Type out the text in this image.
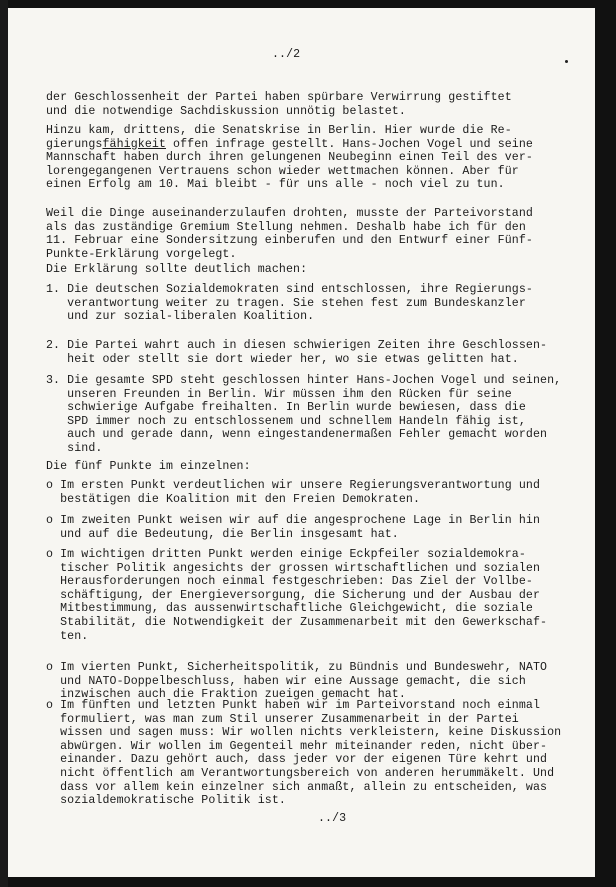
../2
der Geschlossenheit der Partei haben spürbare Verwirrung gestiftet
und die notwendige Sachdiskussion unnötig belastet.
Hinzu kam, drittens, die Senatskrise in Berlin. Hier wurde die Re-
gierungsfähigkeit offen infrage gestellt. Hans-Jochen Vogel und seine
Mannschaft haben durch ihren gelungenen Neubeginn einen Teil des ver-
lorengegangenen Vertrauens schon wieder wettmachen können. Aber für
einen Erfolg am 10. Mai bleibt - für uns alle - noch viel zu tun.
Weil die Dinge auseinanderzulaufen drohten, musste der Parteivorstand
als das zuständige Gremium Stellung nehmen. Deshalb habe ich für den
11. Februar eine Sondersitzung einberufen und den Entwurf einer Fünf-
Punkte-Erklärung vorgelegt.
Die Erklärung sollte deutlich machen:
1. Die deutschen Sozialdemokraten sind entschlossen, ihre Regierungs-
verantwortung weiter zu tragen. Sie stehen fest zum Bundeskanzler
und zur sozial-liberalen Koalition.
2. Die Partei wahrt auch in diesen schwierigen Zeiten ihre Geschlossen-
heit oder stellt sie dort wieder her, wo sie etwas gelitten hat.
3. Die gesamte SPD steht geschlossen hinter Hans-Jochen Vogel und seinen,
unseren Freunden in Berlin. Wir müssen ihm den Rücken für seine
schwierige Aufgabe freihalten. In Berlin wurde bewiesen, dass die
SPD immer noch zu entschlossenem und schnellem Handeln fähig ist,
auch und gerade dann, wenn eingestandenermaßen Fehler gemacht worden
sind.
Die fünf Punkte im einzelnen:
o Im ersten Punkt verdeutlichen wir unsere Regierungsverantwortung und
bestätigen die Koalition mit den Freien Demokraten.
o Im zweiten Punkt weisen wir auf die angesprochene Lage in Berlin hin
und auf die Bedeutung, die Berlin insgesamt hat.
o Im wichtigen dritten Punkt werden einige Eckpfeiler sozialdemokra-
tischer Politik angesichts der grossen wirtschaftlichen und sozialen
Herausforderungen noch einmal festgeschrieben: Das Ziel der Vollbe-
schäftigung, der Energieversorgung, die Sicherung und der Ausbau der
Mitbestimmung, das aussenwirtschaftliche Gleichgewicht, die soziale
Stabilität, die Notwendigkeit der Zusammenarbeit mit den Gewerkschaf-
ten.
o Im vierten Punkt, Sicherheitspolitik, zu Bündnis und Bundeswehr, NATO
und NATO-Doppelbeschluss, haben wir eine Aussage gemacht, die sich
inzwischen auch die Fraktion zueigen gemacht hat.
o Im fünften und letzten Punkt haben wir im Parteivorstand noch einmal
formuliert, was man zum Stil unserer Zusammenarbeit in der Partei
wissen und sagen muss: Wir wollen nichts verkleistern, keine Diskussion
abwürgen. Wir wollen im Gegenteil mehr miteinander reden, nicht über-
einander. Dazu gehört auch, dass jeder vor der eigenen Türe kehrt und
nicht öffentlich am Verantwortungsbereich von anderen herummäkelt. Und
dass vor allem kein einzelner sich anmaßt, allein zu entscheiden, was
sozialdemokratische Politik ist.
../3
